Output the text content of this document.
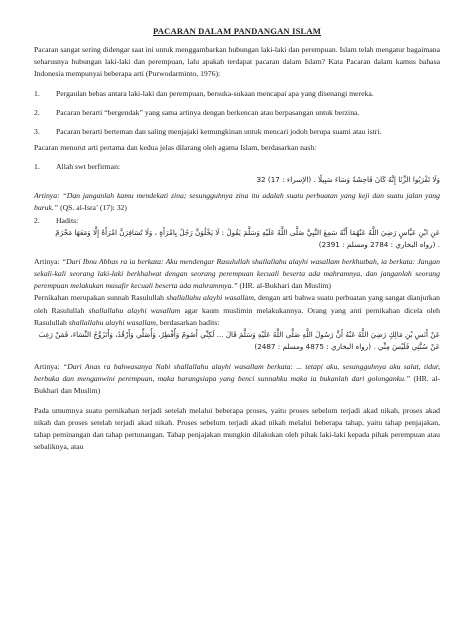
PACARAN DALAM PANDANGAN ISLAM

Pacaran sangat sering didengar saat ini untuk menggambarkan hubungan laki-laki dan perempuan. Islam telah mengatur bagaimana seharusnya hubungan laki-laki dan perempuan, lalu apakah terdapat pacaran dalam Islam? Kata Pacaran dalam kamus bahasa Indonesia mempunyai beberapa arti (Purwodarminto, 1976):

1.	Pergaulan bebas antara laki-laki dan perempuan, bersuka-sukaan mencapai apa yang disenangi mereka.
2.	Pacaran berarti “bergendak” yang sama artinya dengan berkencan atau berpasangan untuk berzina.
3.	Pacaran berarti berteman dan saling menjajaki kemungkinan untuk mencari jodoh berupa suami atau istri.

Pacaran menurut arti pertama dan kedua jelas dilarang oleh agama Islam, berdasarkan nash:

1.	Allah swt berfirman:
وَلَا تَقْرَبُوا الزِّنَا إِنَّهُ كَانَ فَاحِشَةً وَسَاءَ سَبِيلًا . (الإسراء : 17) 32

Artinya: “Dan janganlah kamu mendekati zina; sesungguhnya zina itu adalah suatu perbuatan yang keji dan suatu jalan yang buruk.” (QS. al-Isra’ (17): 32)

2.	Hadits:
عَنِ ابْنِ عَبَّاسٍ رَضِيَ اللَّهُ عَنْهُمَا أَنَّهُ سَمِعَ النَّبِيَّ صَلَّى اللَّهُ عَلَيْهِ وَسَلَّمَ يَقُولُ : لَا يَخْلُوَنَّ رَجُلٌ بِامْرَأَةٍ ، وَلَا تُسَافِرَنَّ امْرَأَةٌ إِلَّا وَمَعَهَا مَحْرَمٌ . (رواه البخاري : 2784 ومسلم : 2391)

Artinya: “Dari Ibnu Abbas ra ia berkata: Aku mendengar Rasulullah shallallahu alayhi wasallam berkhutbah, ia berkata: Jangan sekali-kali seorang laki-laki berkhalwat dengan seorang perempuan kecuali beserta ada mahramnya, dan janganlah seorang perempuan melakukan musafir kecuali beserta ada mahrammya.” (HR. al-Bukhari dan Muslim)

Pernikahan merupakan sunnah Rasulullah shallallahu alayhi wasallam, dengan arti bahwa suatu perbuatan yang sangat dianjurkan oleh Rasulullah shallallahu alayhi wasallam agar kaum muslimin melakukannya. Orang yang anti pernikahan dicela oleh Rasulullah shallallahu alayhi wasallam, berdasarkan hadits:

عَنْ أَنَسِ بْنِ مَالِكٍ رَضِيَ اللَّهُ عَنْهُ أَنَّ رَسُولَ اللَّهِ صَلَّى اللَّهُ عَلَيْهِ وَسَلَّمَ قَالَ ... لَكِنِّي أَصُومُ وَأُفْطِرُ، وَأُصَلِّي وَأَرْقُدُ، وَأَتَزَوَّجُ النِّسَاءَ، فَمَنْ رَغِبَ عَنْ سُنَّتِي فَلَيْسَ مِنِّي . (رواه البخاري : 4875 ومسلم : 2487)

Artinya: “Dari Anas ra bahwasanya Nabi shallallahu alayhi wasallam berkata: ... tetapi aku, sesungguhnya aku salat, tidur, berbuka dan menganwini perempuan, maka barangsiapa yang benci sunnahku maka ia bukanlah dari golonganku.” (HR. al-Bukhari dan Muslim)

Pada umumnya suatu pernikahan terjadi setelah melalui beberapa proses, yaitu proses sebelum terjadi akad nikah, proses akad nikah dan proses setelah terjadi akad nikah. Proses sebelum terjadi akad nikah melalui beberapa tahap, yaitu tahap penjajakan, tahap peminangan dan tahap pertunangan. Tahap penjajakan mungkin dilakukan oleh pihak laki-laki kepada pihak perempuan atau sebaliknya, atau
